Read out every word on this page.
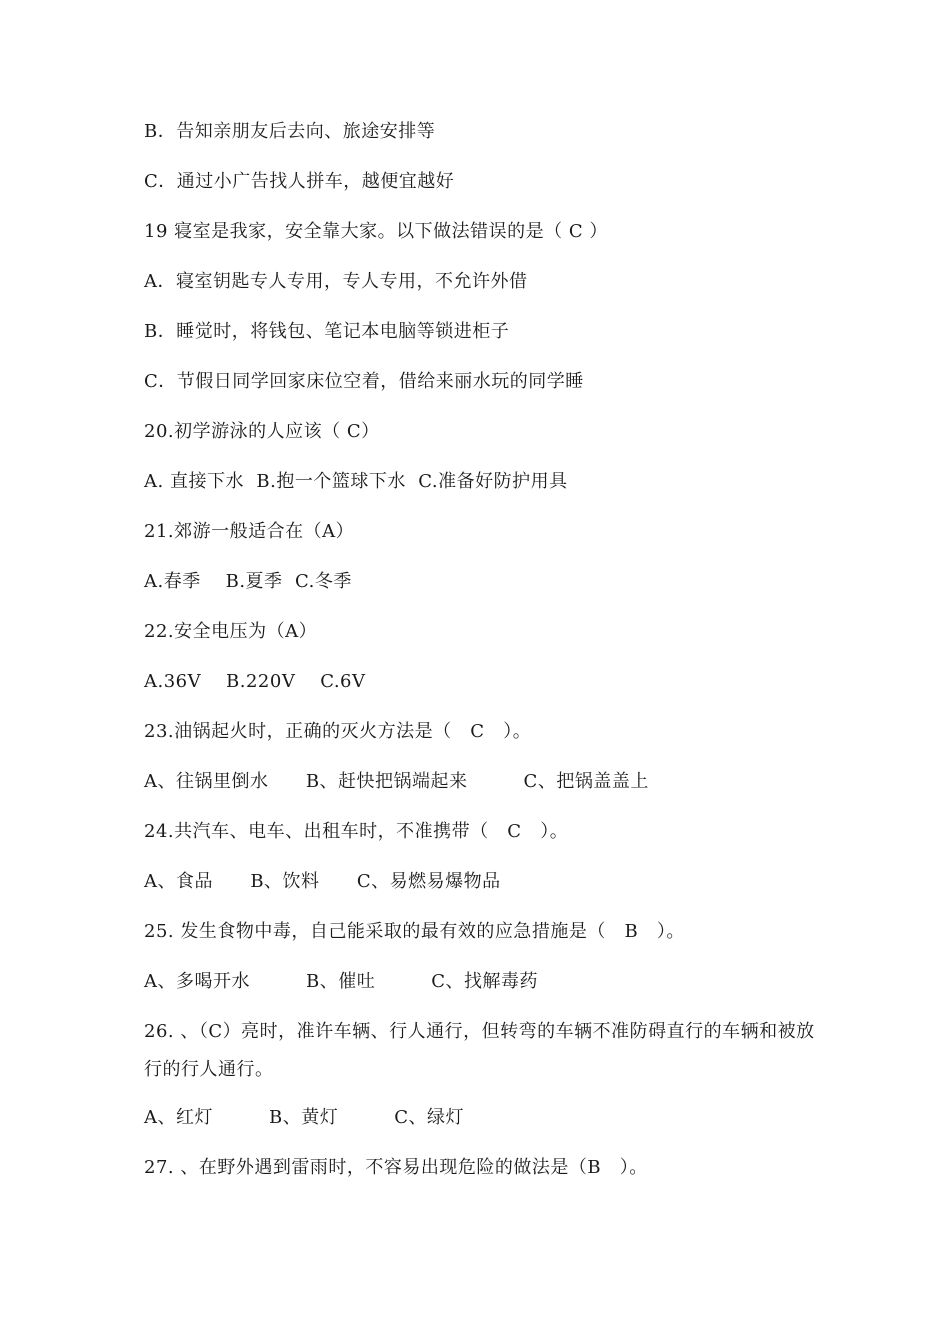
B．告知亲朋友后去向、旅途安排等
C．通过小广告找人拼车，越便宜越好
19 寝室是我家，安全靠大家。以下做法错误的是（ C ）
A．寝室钥匙专人专用，专人专用，不允许外借
B．睡觉时，将钱包、笔记本电脑等锁进柜子
C．节假日同学回家床位空着，借给来丽水玩的同学睡
20.初学游泳的人应该（ C）
A. 直接下水  B.抱一个篮球下水  C.准备好防护用具
21.郊游一般适合在（A）
A.春季    B.夏季  C.冬季
22.安全电压为（A）
A.36V    B.220V    C.6V
23.油锅起火时，正确的灭火方法是（   C   ）。
A、往锅里倒水      B、赶快把锅端起来         C、把锅盖盖上
24.共汽车、电车、出租车时，不准携带（   C   ）。
A、食品      B、饮料      C、易燃易爆物品
25. 发生食物中毒，自己能采取的最有效的应急措施是（   B   ）。
A、多喝开水         B、催吐         C、找解毒药
26. 、（C）亮时，准许车辆、行人通行，但转弯的车辆不准防碍直行的车辆和被放行的行人通行。
A、红灯         B、黄灯         C、绿灯
27. 、在野外遇到雷雨时，不容易出现危险的做法是（B   ）。
